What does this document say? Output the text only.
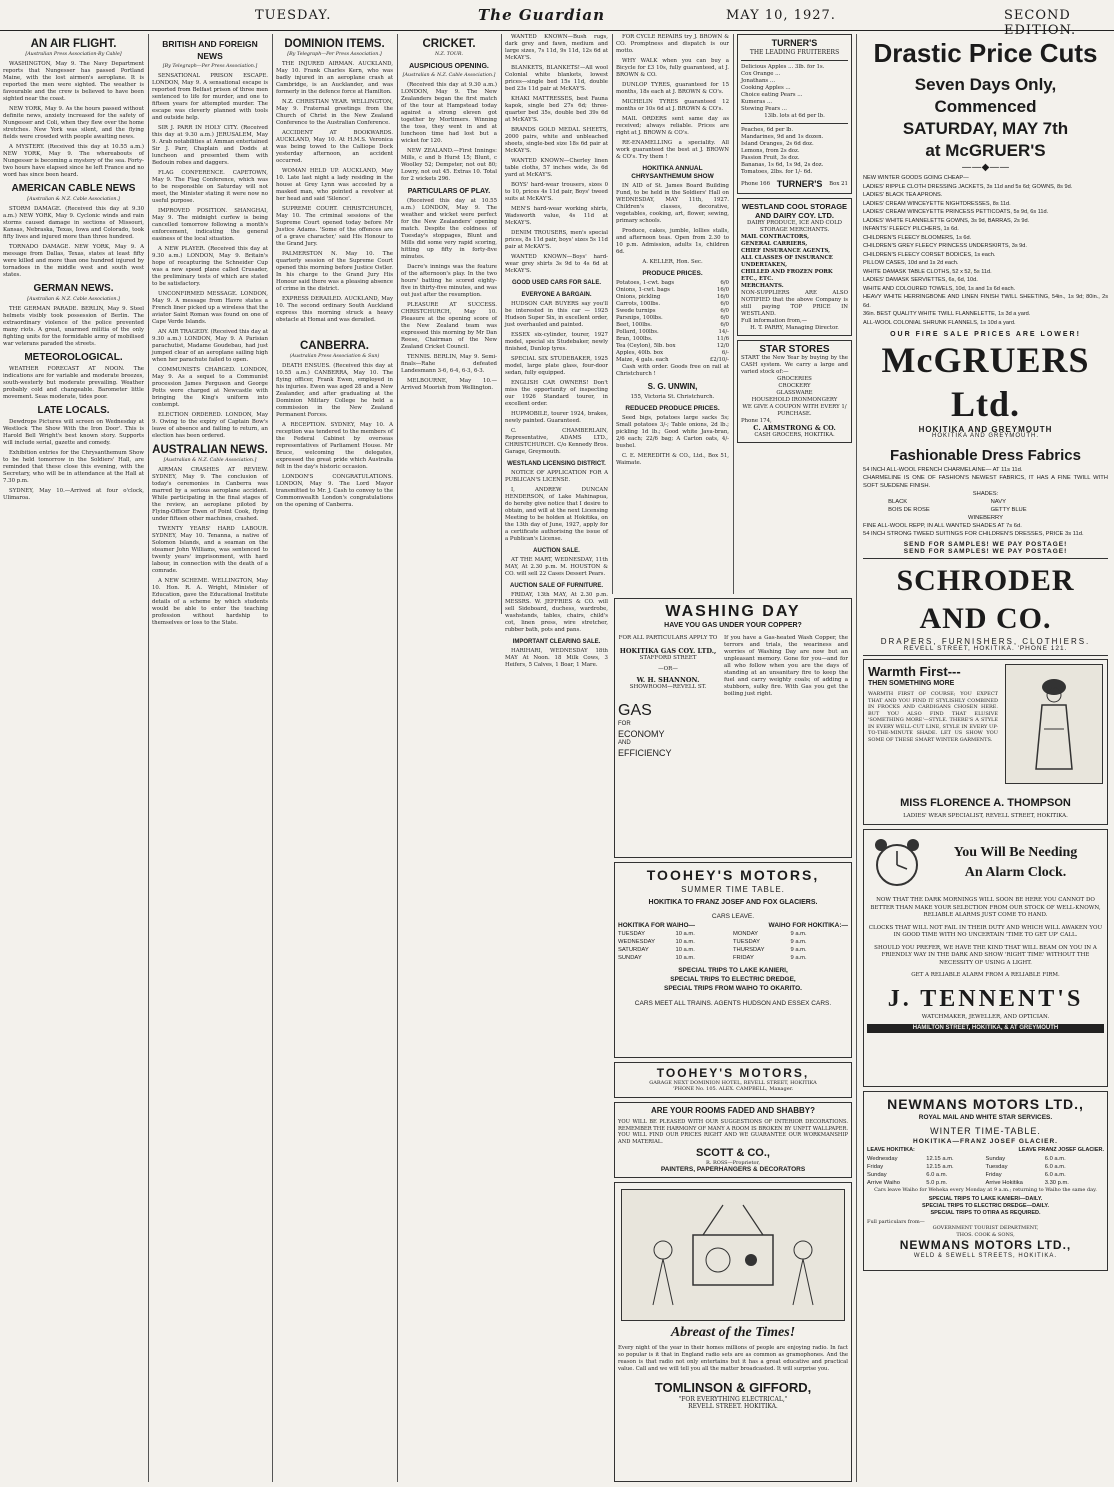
TUESDAY.	The Guardian	MAY 10, 1927.	SECOND EDITION.
AN AIR FLIGHT.
[Australian Press Association-By Cable]

WASHINGTON, May 9. The Navy Department reports that Nungesser has passed Portland Maine, with the lost airmen's aeroplane. It is reported the men were sighted. The weather is favourable and the crew is believed to have been sighted near the coast.

NEW YORK, May 9. As the hours passed without definite news, anxiety increased for the safety of Nungesser and Coli, when they flew over the home stretches. New York was silent, and the flying fields were crowded with people awaiting news.

A MYSTERY. (Received this day at 10.55 a.m.) NEW YORK, May 9. The whereabouts of Nungesser is becoming a mystery of the sea. Forty-two hours have elapsed since he left France and no word has since been heard.

AMERICAN CABLE NEWS
[Australian & N.Z. Cable Association.]

STORM DAMAGE. (Received this day at 9.30 a.m.) NEW YORK, May 9. Cyclonic winds and rain storms caused damage in sections of Missouri, Kansas, Nebraska, Texas, Iowa and Colorado, took fifty lives and injured more than three hundred.

TORNADO DAMAGE. NEW YORK, May 9. A message from Dallas, Texas, states at least fifty were killed and more than one hundred injured by tornadoes in the middle west and south west states.

GERMAN NEWS.
[Australian & N.Z. Cable Association.]

THE GERMAN PARADE. BERLIN, May 9. Steel helmets visibly took possession of Berlin. The extraordinary violence of the police prevented many riots. A great, unarmed militia of the only fighting units for the formidable army of mobilised war veterans paraded the streets.

METEOROLOGICAL.

WEATHER FORECAST AT NOON. The indications are for variable and moderate breezes, south-westerly but moderate prevailing. Weather probably cold and changeable. Barometer little movement. Seas moderate, tides poor.

LATE LOCALS.

Dewdrops Pictures will screen on Wednesday at Westlock 'The Show With the Iron Door'. This is Harold Bell Wright's best known story. Supports will include serial, gazette and comedy.

Exhibition entries for the Chrysanthemum Show to be held tomorrow in the Soldiers' Hall, are reminded that these close this evening, with the Secretary, who will be in attendance at the Hall at 7.30 p.m.

SYDNEY, May 10.—Arrived at four o'clock, Ulimaroa.

BRITISH AND FOREIGN NEWS
[By Telegraph—Per Press Association.]

SENSATIONAL PRISON ESCAPE. LONDON, May 9. A sensational escape is reported from Belfast prison of three men sentenced to life for murder, and one to fifteen years for attempted murder. The escape was cleverly planned with tools and outside help.

SIR J. PARR IN HOLY CITY. (Received this day at 9.30 a.m.) JERUSALEM, May 9. Arab notabilities at Amman entertained Sir J. Parr, Chaplain and Dodds at luncheon and presented them with Bedouin robes and daggers.

FLAG CONFERENCE. CAPETOWN, May 9. The Flag Conference, which was to be responsible on Saturday will not meet, the Minister stating it were now no useful purpose.

IMPROVED POSITION. SHANGHAI, May 9. The midnight curfew is being cancelled tomorrow following a month's enforcement, indicating the general easiness of the local situation.

A NEW PLAYER. (Received this day at 9.30 a.m.) LONDON, May 9. Britain's hope of recapturing the Schneider Cup was a new speed plane called Crusader, the preliminary tests of which are stated to be satisfactory.

UNCONFIRMED MESSAGE. LONDON, May 9. A message from Havre states a French liner picked up a wireless that the aviator Saint Roman was found on one of Cape Verde Islands.

AN AIR TRAGEDY. (Received this day at 9.30 a.m.) LONDON, May 9. A Parisian parachutist, Madame Goudebau, had just jumped clear of an aeroplane sailing high when her parachute failed to open.

COMMUNISTS CHARGED. LONDON, May 9. As a sequel to a Communist procession James Ferguson and George Potts were charged at Newcastle with bringing the King's uniform into contempt.

ELECTION ORDERED. LONDON, May 9. Owing to the expiry of Captain Bow's leave of absence and failing to return, an election has been ordered.

AUSTRALIAN NEWS.
[Australian & N.Z. Cable Association.]

AIRMAN CRASHES AT REVIEW. SYDNEY, May 9. The conclusion of today's ceremonies in Canberra was marred by a serious aeroplane accident. While participating in the final stages of the review, an aeroplane piloted by Flying-Officer Ewen of Point Cook, flying under fifteen other machines, crashed.

TWENTY YEARS' HARD LABOUR. SYDNEY, May 10. Tenanna, a native of Solomon Islands, and a seaman on the steamer John Williams, was sentenced to twenty years' imprisonment, with hard labour, in connection with the death of a comrade.

A NEW SCHEME. WELLINGTON, May 10. Hon. R. A. Wright, Minister of Education, gave the Educational Institute details of a scheme by which students would be able to enter the teaching profession without hardship to themselves or loss to the State.

DOMINION ITEMS.
[By Telegraph—Per Press Association.]

THE INJURED AIRMAN. AUCKLAND, May 10. Frank Charles Kern, who was badly injured in an aeroplane crash at Cambridge, is an Aucklander, and was formerly in the defence force at Hamilton.

N.Z. CHRISTIAN YEAR. WELLINGTON, May 9. Fraternal greetings from the Church of Christ in the New Zealand Conference to the Australian Conference.

ACCIDENT AT BOOKWARDS. AUCKLAND, May 10. At H.M.S. Veronica was being towed to the Calliope Dock yesterday afternoon, an accident occurred.

WOMAN HELD UP. AUCKLAND, May 10. Late last night a lady residing in the house at Grey Lynn was accosted by a masked man, who pointed a revolver at her head and said 'Silence'.

SUPREME COURT. CHRISTCHURCH, May 10. The criminal sessions of the Supreme Court opened today before Mr Justice Adams. 'Some of the offences are of a grave character,' said His Honour to the Grand Jury.

PALMERSTON N. May 10. The quarterly session of the Supreme Court opened this morning before Justice Ostler. In his charge to the Grand Jury His Honour said there was a pleasing absence of crime in the district.

EXPRESS DERAILED. AUCKLAND, May 10. The second ordinary South Auckland express this morning struck a heavy obstacle at Homai and was derailed.

CANBERRA.
(Australian Press Association & Sun)

DEATH ENSUES. (Received this day at 10.55 a.m.) CANBERRA, May 10. The flying officer, Frank Ewen, employed in his injuries. Ewen was aged 28 and a New Zealander, and after graduating at the Dominion Military College he held a commission in the New Zealand Permanent Forces.

A RECEPTION. SYDNEY, May 10. A reception was tendered to the members of the Federal Cabinet by overseas representatives of Parliament House. Mr Bruce, welcoming the delegates, expressed the great pride which Australia felt in the day's historic occasion.

LONDON'S CONGRATULATIONS. LONDON, May 9. The Lord Mayor transmitted to Mr. J. Cash to convey to the Commonwealth London's congratulations on the opening of Canberra.

CRICKET.
N.Z. TOUR.
AUSPICIOUS OPENING.
[Australian & N.Z. Cable Association.]

(Received this day at 9.30 a.m.) LONDON, May 9. The New Zealanders began the first match of the tour at Hampstead today against a strong eleven got together by Mortimers. Winning the toss, they went in and at luncheon time had lost but a wicket for 120.

NEW ZEALAND.—First Innings: Mills, c and b Hurst 15; Blunt, c Woolley 52; Dempster, not out 80; Lowry, not out 45. Extras 10. Total for 2 wickets 296.

PARTICULARS OF PLAY.

(Received this day at 10.55 a.m.) LONDON, May 9. The weather and wicket were perfect for the New Zealanders' opening match. Despite the coldness of Tuesday's stoppages, Blunt and Mills did some very rapid scoring, hitting up fifty in forty-five minutes.

Dacre's innings was the feature of the afternoon's play. In the two hours' batting he scored eighty-five in thirty-five minutes, and was out just after the resumption.

PLEASURE AT SUCCESS. CHRISTCHURCH, May 10. Pleasure at the opening score of the New Zealand team was expressed this morning by Mr Dan Reese, Chairman of the New Zealand Cricket Council.

TENNIS. BERLIN, May 9. Semi-finals—Rahe defeated Landesmann 3-6, 6-4, 6-3, 6-3.

MELBOURNE, May 10.—Arrived Moorish from Wellington.

WANTED KNOWN—Bush rugs, dark grey and fawn, medium and large sizes, 7s 11d, 9s 11d, 12s 6d at McKAY'S.

BLANKETS, BLANKETS!—All wool Colonial white blankets, lowest prices—single bed 15s 11d, double bed 23s 11d pair at McKAY'S.

KHAKI MATTRESSES, best Fauna kapok, single bed 27s 6d; three-quarter bed 35s, double bed 39s 6d at McKAY'S.

BRANDS GOLD MEDAL SHEETS, 2000 pairs, white and unbleached sheets, single-bed size 18s 6d pair at McKAY'S.

WANTED KNOWN—Cherley linen table cloths, 57 inches wide, 3s 6d yard at McKAY'S.

BOYS' hard-wear trousers, sizes 0 to 10, prices 4s 11d pair, Boys' tweed suits at McKAY'S.

MEN'S hard-wear working shirts, Wadsworth value, 4s 11d at McKAY'S.

DENIM TROUSERS, men's special prices, 8s 11d pair, boys' sizes 5s 11d pair at McKAY'S.

WANTED KNOWN—Boys' hard-wear grey shirts 3s 9d to 4s 6d at McKAY'S.

GOOD USED CARS FOR SALE.
EVERYONE A BARGAIN.

HUDSON CAR BUYERS say you'll be interested in this car — 1925 Hudson Super Six, in excellent order, just overhauled and painted.

ESSEX six-cylinder, tourer, 1927 model, special six Studebaker, newly finished, Dunlop tyres.

SPECIAL SIX STUDEBAKER, 1925 model, large plate glass, four-door sedan, fully equipped.

ENGLISH CAR OWNERS! Don't miss the opportunity of inspecting our 1926 Standard tourer, in excellent order.

HUPMOBILE, tourer 1924, brakes, newly painted. Guaranteed.

C. CHAMBERLAIN, Representative, ADAMS LTD., CHRISTCHURCH. C/o Kennedy Bros. Garage, Greymouth.

WESTLAND LICENSING DISTRICT.

NOTICE OF APPLICATION FOR A PUBLICAN'S LICENSE.

I, ANDREW DUNCAN HENDERSON, of Lake Mahinapua, do hereby give notice that I desire to obtain, and will at the next Licensing Meeting to be holden at Hokitika, on the 13th day of June, 1927, apply for a certificate authorising the issue of a Publican's License.

AUCTION SALE.

AT THE MART, WEDNESDAY, 11th MAY, At 2.30 p.m. M. HOUSTON & CO. will sell 22 Cases Dessert Pears.

AUCTION SALE OF FURNITURE.

FRIDAY, 13th MAY, At 2.30 p.m. MESSRS. W. JEFFRIES & CO. will sell Sideboard, duchess, wardrobe, washstands, tables, chairs, child's cot, linen press, wire stretcher, rubber bath, pots and pans.

IMPORTANT CLEARING SALE.

HARIHARI, WEDNESDAY 18th MAY At Noon. 18 Milk Cows, 3 Heifers, 5 Calves, 1 Boar, 1 Mare.

FOR CYCLE REPAIRS try J. BROWN & CO. Promptness and dispatch is our motto.

WHY WALK when you can buy a Bicycle for £3 10s, fully guaranteed, at J. BROWN & CO.

DUNLOP TYRES, guaranteed for 15 months, 18s each at J. BROWN & CO's.

MICHELIN TYRES guaranteed 12 months or 10s 6d at J. BROWN & CO's.

MAIL ORDERS sent same day as received; always reliable. Prices are right at J. BROWN & CO's.

RE-ENAMELLING a speciality. All work guaranteed the best at J. BROWN & CO's. Try them !

HOKITIKA ANNUAL CHRYSANTHEMUM SHOW

IN AID of St. James Board Building Fund, to be held in the Soldiers' Hall on WEDNESDAY, MAY 11th, 1927. Children's classes, decorative, vegetables, cooking, art, flower, sewing, primary schools.

Produce, cakes, jumble, lollies stalls, and afternoon teas. Open from 2.30 to 10 p.m. Admission, adults 1s, children 6d.

A. KELLER, Hon. Sec.
PRODUCE PRICES.
Potatoes, 1-cwt. bags	6/0
Onions, 1-cwt. bags	16/0
Onions, pickling	16/0
Carrots, 100lbs.	6/0
Swede turnips	6/0
Parsnips, 100lbs.	6/0
Beet, 100lbs.	6/0
Pollard, 100lbs.	14/-
Bran, 100lbs.	11/6
Tea (Ceylon), 5lb. box	12/0
Apples, 40lb. box	6/-
Maize, 4 gals. each	£2/10/-

Cash with order. Goods free on rail at Christchurch !

S. G. UNWIN,
155, Victoria St. Christchurch.
REDUCED PRODUCE PRICES.

Seed bigs, potatoes large sacks 5s; Small potatoes 3/-; Table onions, 2d lb.; pickling 1d lb.; Good white Java-bran, 2/6 each; 22/6 bag; A Carton oats, 4/- bushel.

C. E. MEREDITH & CO., Ltd., Box 51, Waimate.

TURNER'S
THE LEADING FRUITERERS
Delicious Apples ... 3lb. for 1s.
Cox Orange ...
Jonathans ...
Cooking Apples ...
Choice eating Pears ...
Kumeras ...
Stewing Pears ...
13lb. lots at 6d per lb.
Peaches, 6d per lb.
Mandarines, 9d and 1s dozen.
Island Oranges, 2s 6d doz.
Lemons, from 2s doz.
Passion Fruit, 3s doz.
Bananas, 1s 6d, 1s 9d, 2s doz.
Tomatoes, 2lbs. for 1/- 6d.
Phone 166 TURNER'S Box 21
WESTLAND COOL STORAGE AND DAIRY COY. LTD.
DAIRY PRODUCE, ICE AND COLD STORAGE MERCHANTS.
MAIL CONTRACTORS,
GENERAL CARRIERS,
CHIEF INSURANCE AGENTS,
ALL CLASSES OF INSURANCE
UNDERTAKEN,
CHILLED AND FROZEN PORK
ETC., ETC.
MERCHANTS.
NON-SUPPLIERS ARE ALSO NOTIFIED that the above Company is still paying TOP PRICE IN WESTLAND.
Full information from,—
H. T. PARRY, Managing Director.
STAR STORES
START the New Year by buying by the CASH system. We carry a large and varied stock of:—
GROCERIES
CROCKERY
GLASSWARE
HOUSEHOLD IRONMONGERY
WE GIVE A COUPON WITH EVERY 1/ PURCHASE.
Phone 174,
C. ARMSTRONG & CO.
CASH GROCERS, HOKITIKA.
WASHING DAY
HAVE YOU GAS UNDER YOUR COPPER?
FOR ALL PARTICULARS APPLY TO
HOKITIKA GAS COY. LTD.,
STAFFORD STREET
—OR—
W. H. SHANNON.
SHOWROOM—REVELL ST.
GAS
FOR
ECONOMY
AND
EFFICIENCY
If you have a Gas-heated Wash Copper, the terrors and trials, the weariness and worries of Washing Day are now but an unpleasant memory. Gone for you—and for all who follow when you are the days of standing at an unsanitary fire to keep the fuel and carry weighty coals; of adding a stubborn, sulky fire. With Gas you get the boiling just right.
TOOHEY'S MOTORS,
SUMMER TIME TABLE.
HOKITIKA TO FRANZ JOSEF AND FOX GLACIERS.
CARS LEAVE.
HOKITIKA FOR WAIHO—	WAIHO FOR HOKITIKA:—
TUESDAY	10 a.m.	MONDAY	9 a.m.
WEDNESDAY	10 a.m.	TUESDAY	9 a.m.
SATURDAY	10 a.m.	THURSDAY	9 a.m.
SUNDAY	10 a.m.	FRIDAY	9 a.m.
SPECIAL TRIPS TO LAKE KANIERI,
SPECIAL TRIPS TO ELECTRIC DREDGE,
SPECIAL TRIPS FROM WAIHO TO OKARITO.
CARS MEET ALL TRAINS. AGENTS HUDSON AND ESSEX CARS.
TOOHEY'S MOTORS,
GARAGE NEXT DOMINION HOTEL, REVELL STREET, HOKITIKA
'PHONE No. 105. ALEX. CAMPBELL, Manager.
ARE YOUR ROOMS FADED AND SHABBY?
YOU WILL BE PLEASED WITH OUR SUGGESTIONS OF INTERIOR DECORATIONS. REMEMBER THE HARMONY OF MANY A ROOM IS BROKEN BY UNFIT WALLPAPER. YOU WILL FIND OUR PRICES RIGHT AND WE GUARANTEE OUR WORKMANSHIP AND MATERIAL.
SCOTT & CO.,
R. ROSS—Proprietor,
PAINTERS, PAPERHANGERS & DECORATORS
Abreast of the Times!
Every night of the year in their homes millions of people are enjoying radio. In fact so popular is it that in England radio sets are as common as gramophones. And the reason is that radio not only entertains but it has a great educative and practical value. Call and we will tell you all the matter broadcasted. It will surprise you.
TOMLINSON & GIFFORD,
"FOR EVERYTHING ELECTRICAL,"
REVELL STREET. HOKITIKA.
Drastic Price Cuts
Seven Days Only, Commenced
SATURDAY, MAY 7th
at McGRUER'S
——◆——
NEW WINTER GOODS GOING CHEAP—
LADIES' RIPPLE CLOTH DRESSING JACKETS, 3s 11d and 5s 6d; GOWNS, 8s 9d.
LADIES' BLACK TEA APRONS.
LADIES' CREAM WINCEYETTE NIGHTDRESSES, 8s 11d.
LADIES' CREAM WINCEYETTE PRINCESS PETTICOATS, 5s 9d, 6s 11d.
LADIES' WHITE FLANNELETTE GOWNS, 3s 9d, BARRAS, 2s 9d.
INFANTS' FLEECY PILCHERS, 1s 6d.
CHILDREN'S FLEECY BLOOMERS, 1s 6d.
CHILDREN'S GREY FLEECY PRINCESS UNDERSKIRTS, 3s 9d.
CHILDREN'S FLEECY CORSET BODICES, 1s each.
PILLOW CASES, 10d and 1s 2d each.
WHITE DAMASK TABLE CLOTHS, 52 x 52, 5s 11d.
LADIES' DAMASK SERVIETTES, 6s, 6d, 10d.
WHITE AND COLOURED TOWELS, 10d, 1s and 1s 6d each.
HEAVY WHITE HERRINGBONE AND LINEN FINISH TWILL SHEETING, 54in., 1s 9d; 80in., 2s 6d.
36in. BEST QUALITY WHITE TWILL FLANNELETTE, 1s 3d a yard.
ALL-WOOL COLONIAL SHRUNK FLANNELS, 1s 10d a yard.
OUR FIRE SALE PRICES ARE LOWER!
McGRUERS Ltd.
HOKITIKA AND GREYMOUTH
HOKITIKA AND GREYMOUTH.
Fashionable Dress Fabrics
54 INCH ALL-WOOL FRENCH CHARMELAINE— AT 11s 11d.
CHARMELINE IS ONE OF FASHION'S NEWEST FABRICS, IT HAS A FINE TWILL WITH SOFT SUEDENE FINISH.
SHADES:
BLACK	NAVY
BOIS DE ROSE	GETTY BLUE
WINEBERRY
FINE ALL-WOOL REPP, IN ALL WANTED SHADES AT 7s 6d.
54 INCH STRONG TWEED SUITINGS FOR CHILDREN'S DRESSES, PRICE 3s 11d.
SEND FOR SAMPLES! WE PAY POSTAGE!
SEND FOR SAMPLES! WE PAY POSTAGE!
SCHRODER AND CO.
DRAPERS, FURNISHERS, CLOTHIERS.
REVELL STREET, HOKITIKA. 'PHONE 121.
Warmth First---
THEN SOMETHING MORE
WARMTH FIRST OF COURSE; YOU EXPECT THAT AND YOU FIND IT STYLISHLY COMBINED IN FROCKS AND CARDIGANS CHOSEN HERE. BUT YOU ALSO FIND THAT ELUSIVE 'SOMETHING MORE'—STYLE. THERE'S A STYLE IN EVERY WELL-CUT LINE, STYLE IN EVERY UP-TO-THE-MINUTE SHADE. LET US SHOW YOU SOME OF THESE SMART WINTER GARMENTS.
MISS FLORENCE A. THOMPSON
LADIES' WEAR SPECIALIST, REVELL STREET, HOKITIKA.
You Will Be Needing
An Alarm Clock.
NOW THAT THE DARK MORNINGS WILL SOON BE HERE YOU CANNOT DO BETTER THAN MAKE YOUR SELECTION FROM OUR STOCK OF WELL-KNOWN, RELIABLE ALARMS JUST COME TO HAND.
CLOCKS THAT WILL NOT FAIL IN THEIR DUTY AND WHICH WILL AWAKEN YOU IN GOOD TIME WITH NO UNCERTAIN 'TIME TO GET UP' CALL.
SHOULD YOU PREFER, WE HAVE THE KIND THAT WILL BEAM ON YOU IN A FRIENDLY WAY IN THE DARK AND SHOW 'RIGHT TIME' WITHOUT THE NECESSITY OF USING A LIGHT.
GET A RELIABLE ALARM FROM A RELIABLE FIRM.
J. TENNENT'S
WATCHMAKER, JEWELLER, AND OPTICIAN.
HAMILTON STREET, HOKITIKA, & AT GREYMOUTH
NEWMANS MOTORS LTD.,
ROYAL MAIL AND WHITE STAR SERVICES.
WINTER TIME-TABLE.
HOKITIKA—FRANZ JOSEF GLACIER.
LEAVE HOKITIKA:	LEAVE FRANZ JOSEF GLACIER.
Wednesday	12.15 a.m.	Sunday	6.0 a.m.
Friday	12.15 a.m.	Tuesday	6.0 a.m.
Sunday	6.0 a.m.	Friday	6.0 a.m.
Arrive Waiho	5.0 p.m.	Arrive Hokitika	3.30 p.m.
Cars leave Waiho for Weheka every Monday at 9 a.m.; returning to Waiho the same day.
SPECIAL TRIPS TO LAKE KANIERI—DAILY.
SPECIAL TRIPS TO ELECTRIC DREDGE—DAILY.
SPECIAL TRIPS TO OTIRA AS REQUIRED.
Full particulars from—
GOVERNMENT TOURIST DEPARTMENT,
THOS. COOK & SONS,
NEWMANS MOTORS LTD.,
WELD & SEWELL STREETS, HOKITIKA.
